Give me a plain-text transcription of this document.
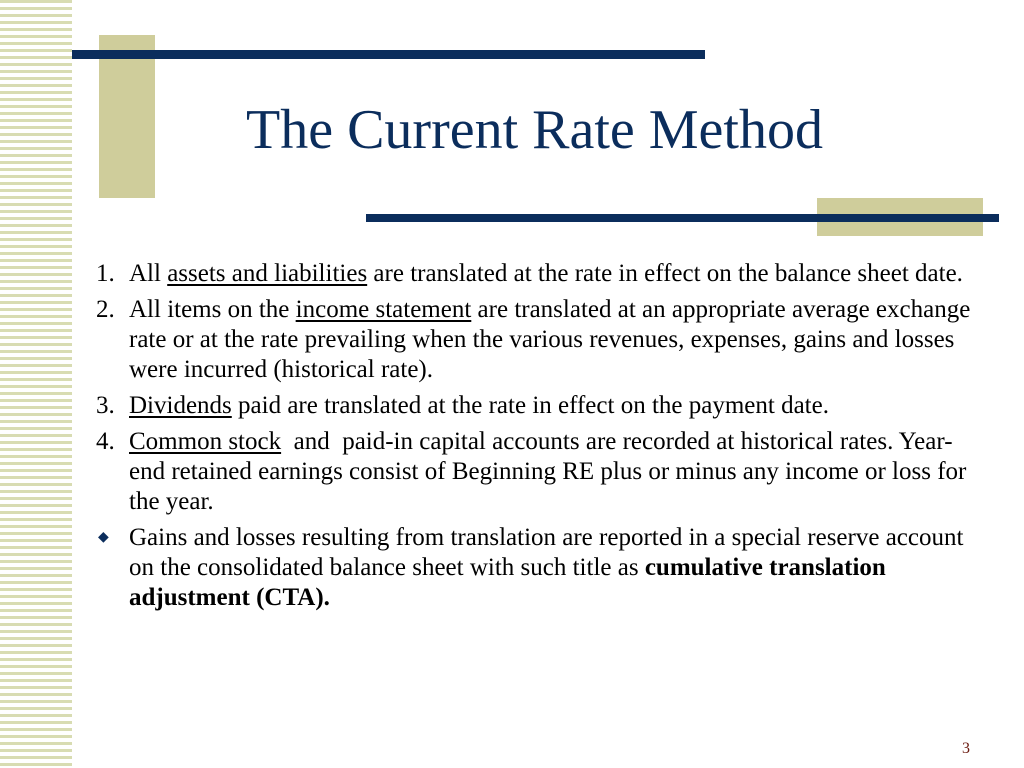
The Current Rate Method
1. All assets and liabilities are translated at the rate in effect on the balance sheet date.
2. All items on the income statement are translated at an appropriate average exchange rate or at the rate prevailing when the various revenues, expenses, gains and losses were incurred (historical rate).
3. Dividends paid are translated at the rate in effect on the payment date.
4. Common stock  and  paid-in capital accounts are recorded at historical rates. Year-end retained earnings consist of Beginning RE plus or minus any income or loss for the year.
◆ Gains and losses resulting from translation are reported in a special reserve account on the consolidated balance sheet with such title as cumulative translation adjustment (CTA).
3
